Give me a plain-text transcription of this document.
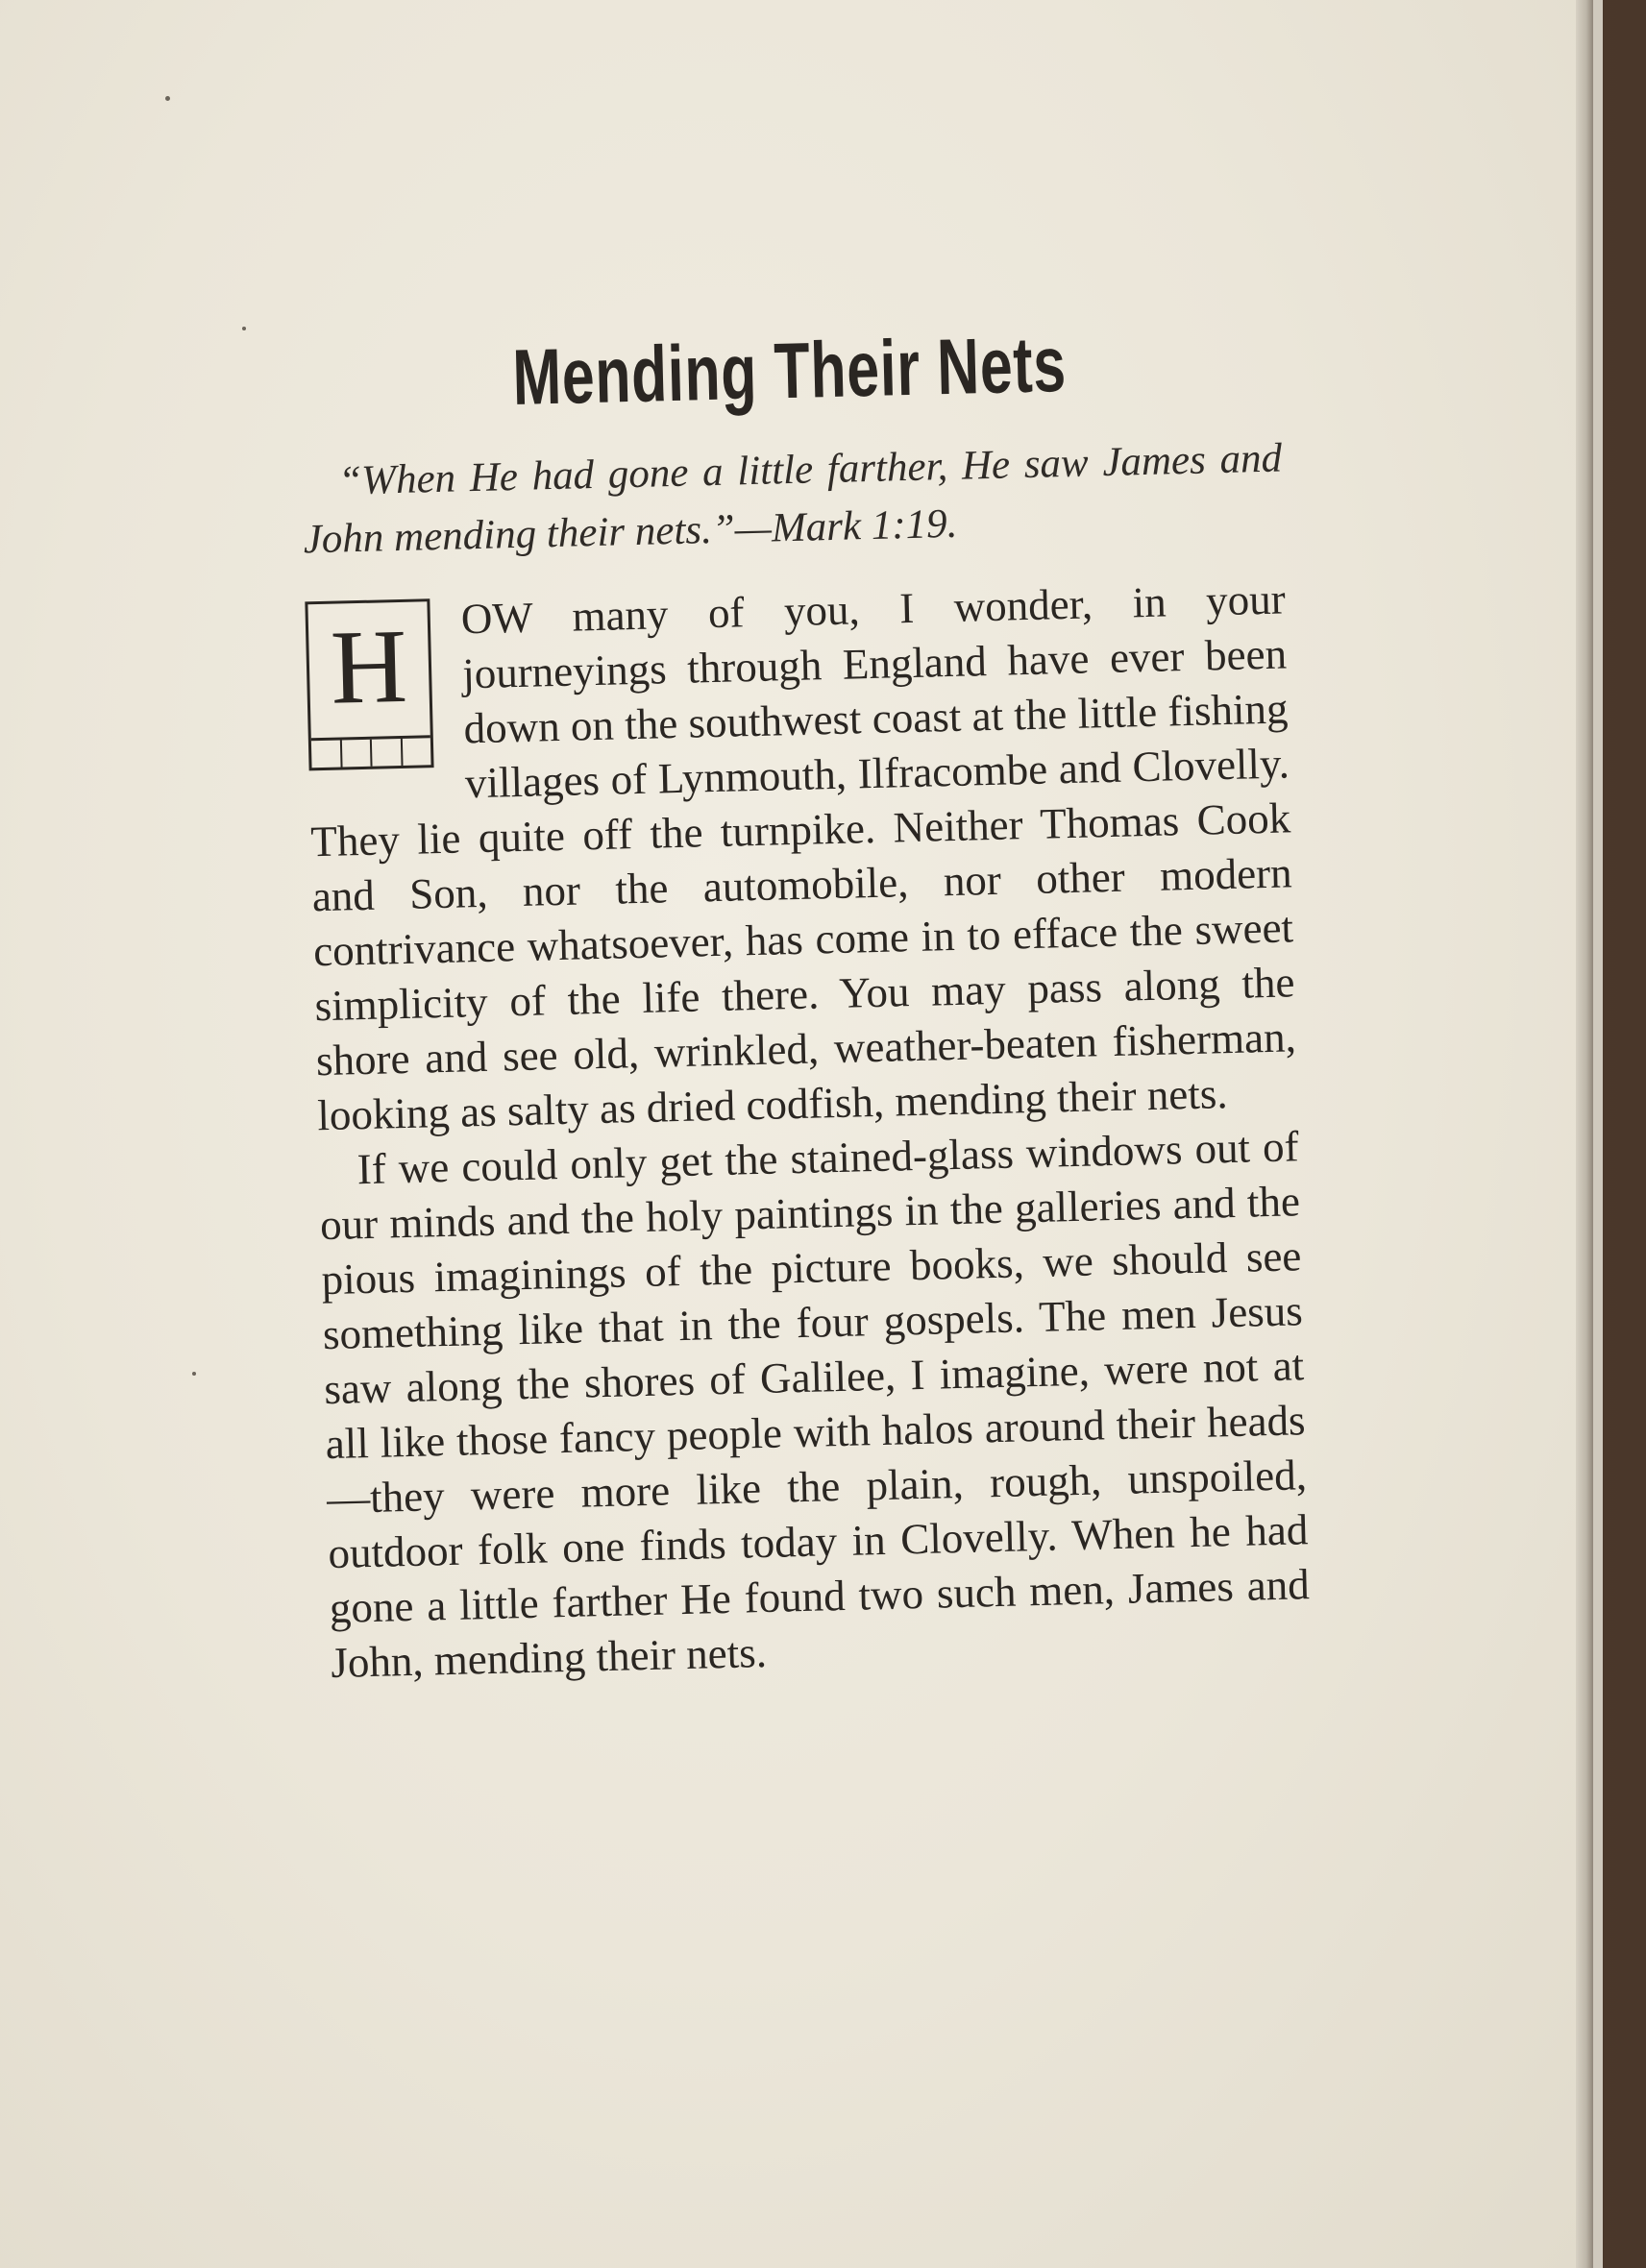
Mending Their Nets

“When He had gone a little farther, He saw James and John mending their nets.”—Mark 1:19.

H	OW many of you, I wonder, in your journeyings through England have ever been down on the southwest coast at the little fishing villages of Lynmouth, Ilfracombe and Clovelly. They lie quite off the turnpike. Neither Thomas Cook and Son, nor the automobile, nor other modern contrivance whatsoever, has come in to efface the sweet simplicity of the life there. You may pass along the shore and see old, wrinkled, weather-beaten fisherman, looking as salty as dried codfish, mending their nets.

If we could only get the stained-glass windows out of our minds and the holy paintings in the galleries and the pious imaginings of the picture books, we should see something like that in the four gospels. The men Jesus saw along the shores of Galilee, I imagine, were not at all like those fancy people with halos around their heads—they were more like the plain, rough, unspoiled, outdoor folk one finds today in Clovelly. When he had gone a little farther He found two such men, James and John, mending their nets.
